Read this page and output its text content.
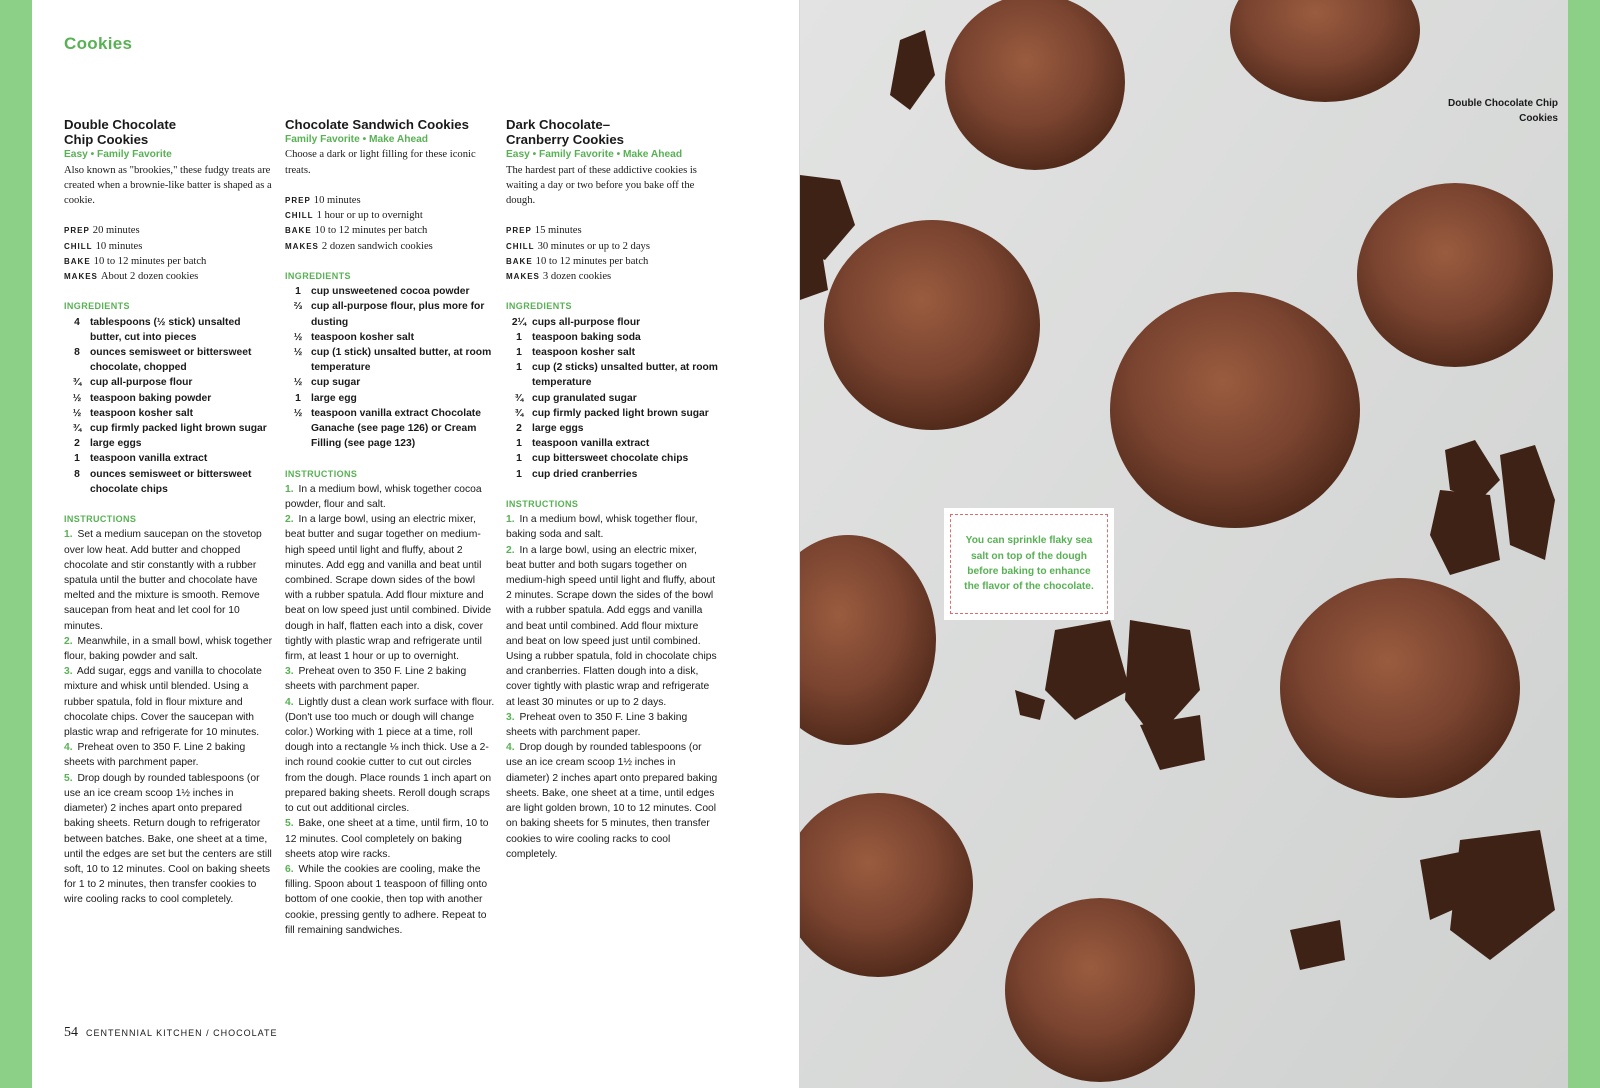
Cookies
Double Chocolate
Chip Cookies
Easy • Family Favorite
Also known as "brookies," these fudgy treats are created when a brownie-like batter is shaped as a cookie.
PREP 20 minutes
CHILL 10 minutes
BAKE 10 to 12 minutes per batch
MAKES About 2 dozen cookies
INGREDIENTS
4 tablespoons (½ stick) unsalted butter, cut into pieces
8 ounces semisweet or bittersweet chocolate, chopped
¾ cup all-purpose flour
½ teaspoon baking powder
½ teaspoon kosher salt
¾ cup firmly packed light brown sugar
2 large eggs
1 teaspoon vanilla extract
8 ounces semisweet or bittersweet chocolate chips
INSTRUCTIONS
1. Set a medium saucepan on the stovetop over low heat. Add butter and chopped chocolate and stir constantly with a rubber spatula until the butter and chocolate have melted and the mixture is smooth. Remove saucepan from heat and let cool for 10 minutes.
2. Meanwhile, in a small bowl, whisk together flour, baking powder and salt.
3. Add sugar, eggs and vanilla to chocolate mixture and whisk until blended. Using a rubber spatula, fold in flour mixture and chocolate chips. Cover the saucepan with plastic wrap and refrigerate for 10 minutes.
4. Preheat oven to 350 F. Line 2 baking sheets with parchment paper.
5. Drop dough by rounded tablespoons (or use an ice cream scoop 1½ inches in diameter) 2 inches apart onto prepared baking sheets. Return dough to refrigerator between batches. Bake, one sheet at a time, until the edges are set but the centers are still soft, 10 to 12 minutes. Cool on baking sheets for 1 to 2 minutes, then transfer cookies to wire cooling racks to cool completely.
Chocolate Sandwich Cookies
Family Favorite • Make Ahead
Choose a dark or light filling for these iconic treats.
PREP 10 minutes
CHILL 1 hour or up to overnight
BAKE 10 to 12 minutes per batch
MAKES 2 dozen sandwich cookies
INGREDIENTS
1 cup unsweetened cocoa powder
⅔ cup all-purpose flour, plus more for dusting
½ teaspoon kosher salt
½ cup (1 stick) unsalted butter, at room temperature
½ cup sugar
1 large egg
½ teaspoon vanilla extract Chocolate Ganache (see page 126) or Cream Filling (see page 123)
INSTRUCTIONS
1. In a medium bowl, whisk together cocoa powder, flour and salt.
2. In a large bowl, using an electric mixer, beat butter and sugar together on medium-high speed until light and fluffy, about 2 minutes. Add egg and vanilla and beat until combined. Scrape down sides of the bowl with a rubber spatula. Add flour mixture and beat on low speed just until combined. Divide dough in half, flatten each into a disk, cover tightly with plastic wrap and refrigerate until firm, at least 1 hour or up to overnight.
3. Preheat oven to 350 F. Line 2 baking sheets with parchment paper.
4. Lightly dust a clean work surface with flour. (Don't use too much or dough will change color.) Working with 1 piece at a time, roll dough into a rectangle ⅛ inch thick. Use a 2-inch round cookie cutter to cut out circles from the dough. Place rounds 1 inch apart on prepared baking sheets. Reroll dough scraps to cut out additional circles.
5. Bake, one sheet at a time, until firm, 10 to 12 minutes. Cool completely on baking sheets atop wire racks.
6. While the cookies are cooling, make the filling. Spoon about 1 teaspoon of filling onto bottom of one cookie, then top with another cookie, pressing gently to adhere. Repeat to fill remaining sandwiches.
Dark Chocolate–
Cranberry Cookies
Easy • Family Favorite • Make Ahead
The hardest part of these addictive cookies is waiting a day or two before you bake off the dough.
PREP 15 minutes
CHILL 30 minutes or up to 2 days
BAKE 10 to 12 minutes per batch
MAKES 3 dozen cookies
INGREDIENTS
2¼ cups all-purpose flour
1 teaspoon baking soda
1 teaspoon kosher salt
1 cup (2 sticks) unsalted butter, at room temperature
¾ cup granulated sugar
¾ cup firmly packed light brown sugar
2 large eggs
1 teaspoon vanilla extract
1 cup bittersweet chocolate chips
1 cup dried cranberries
INSTRUCTIONS
1. In a medium bowl, whisk together flour, baking soda and salt.
2. In a large bowl, using an electric mixer, beat butter and both sugars together on medium-high speed until light and fluffy, about 2 minutes. Scrape down the sides of the bowl with a rubber spatula. Add eggs and vanilla and beat until combined. Add flour mixture and beat on low speed just until combined. Using a rubber spatula, fold in chocolate chips and cranberries. Flatten dough into a disk, cover tightly with plastic wrap and refrigerate at least 30 minutes or up to 2 days.
3. Preheat oven to 350 F. Line 3 baking sheets with parchment paper.
4. Drop dough by rounded tablespoons (or use an ice cream scoop 1½ inches in diameter) 2 inches apart onto prepared baking sheets. Bake, one sheet at a time, until edges are light golden brown, 10 to 12 minutes. Cool on baking sheets for 5 minutes, then transfer cookies to wire cooling racks to cool completely.
54 CENTENNIAL KITCHEN / CHOCOLATE
Double Chocolate Chip Cookies
You can sprinkle flaky sea salt on top of the dough before baking to enhance the flavor of the chocolate.
